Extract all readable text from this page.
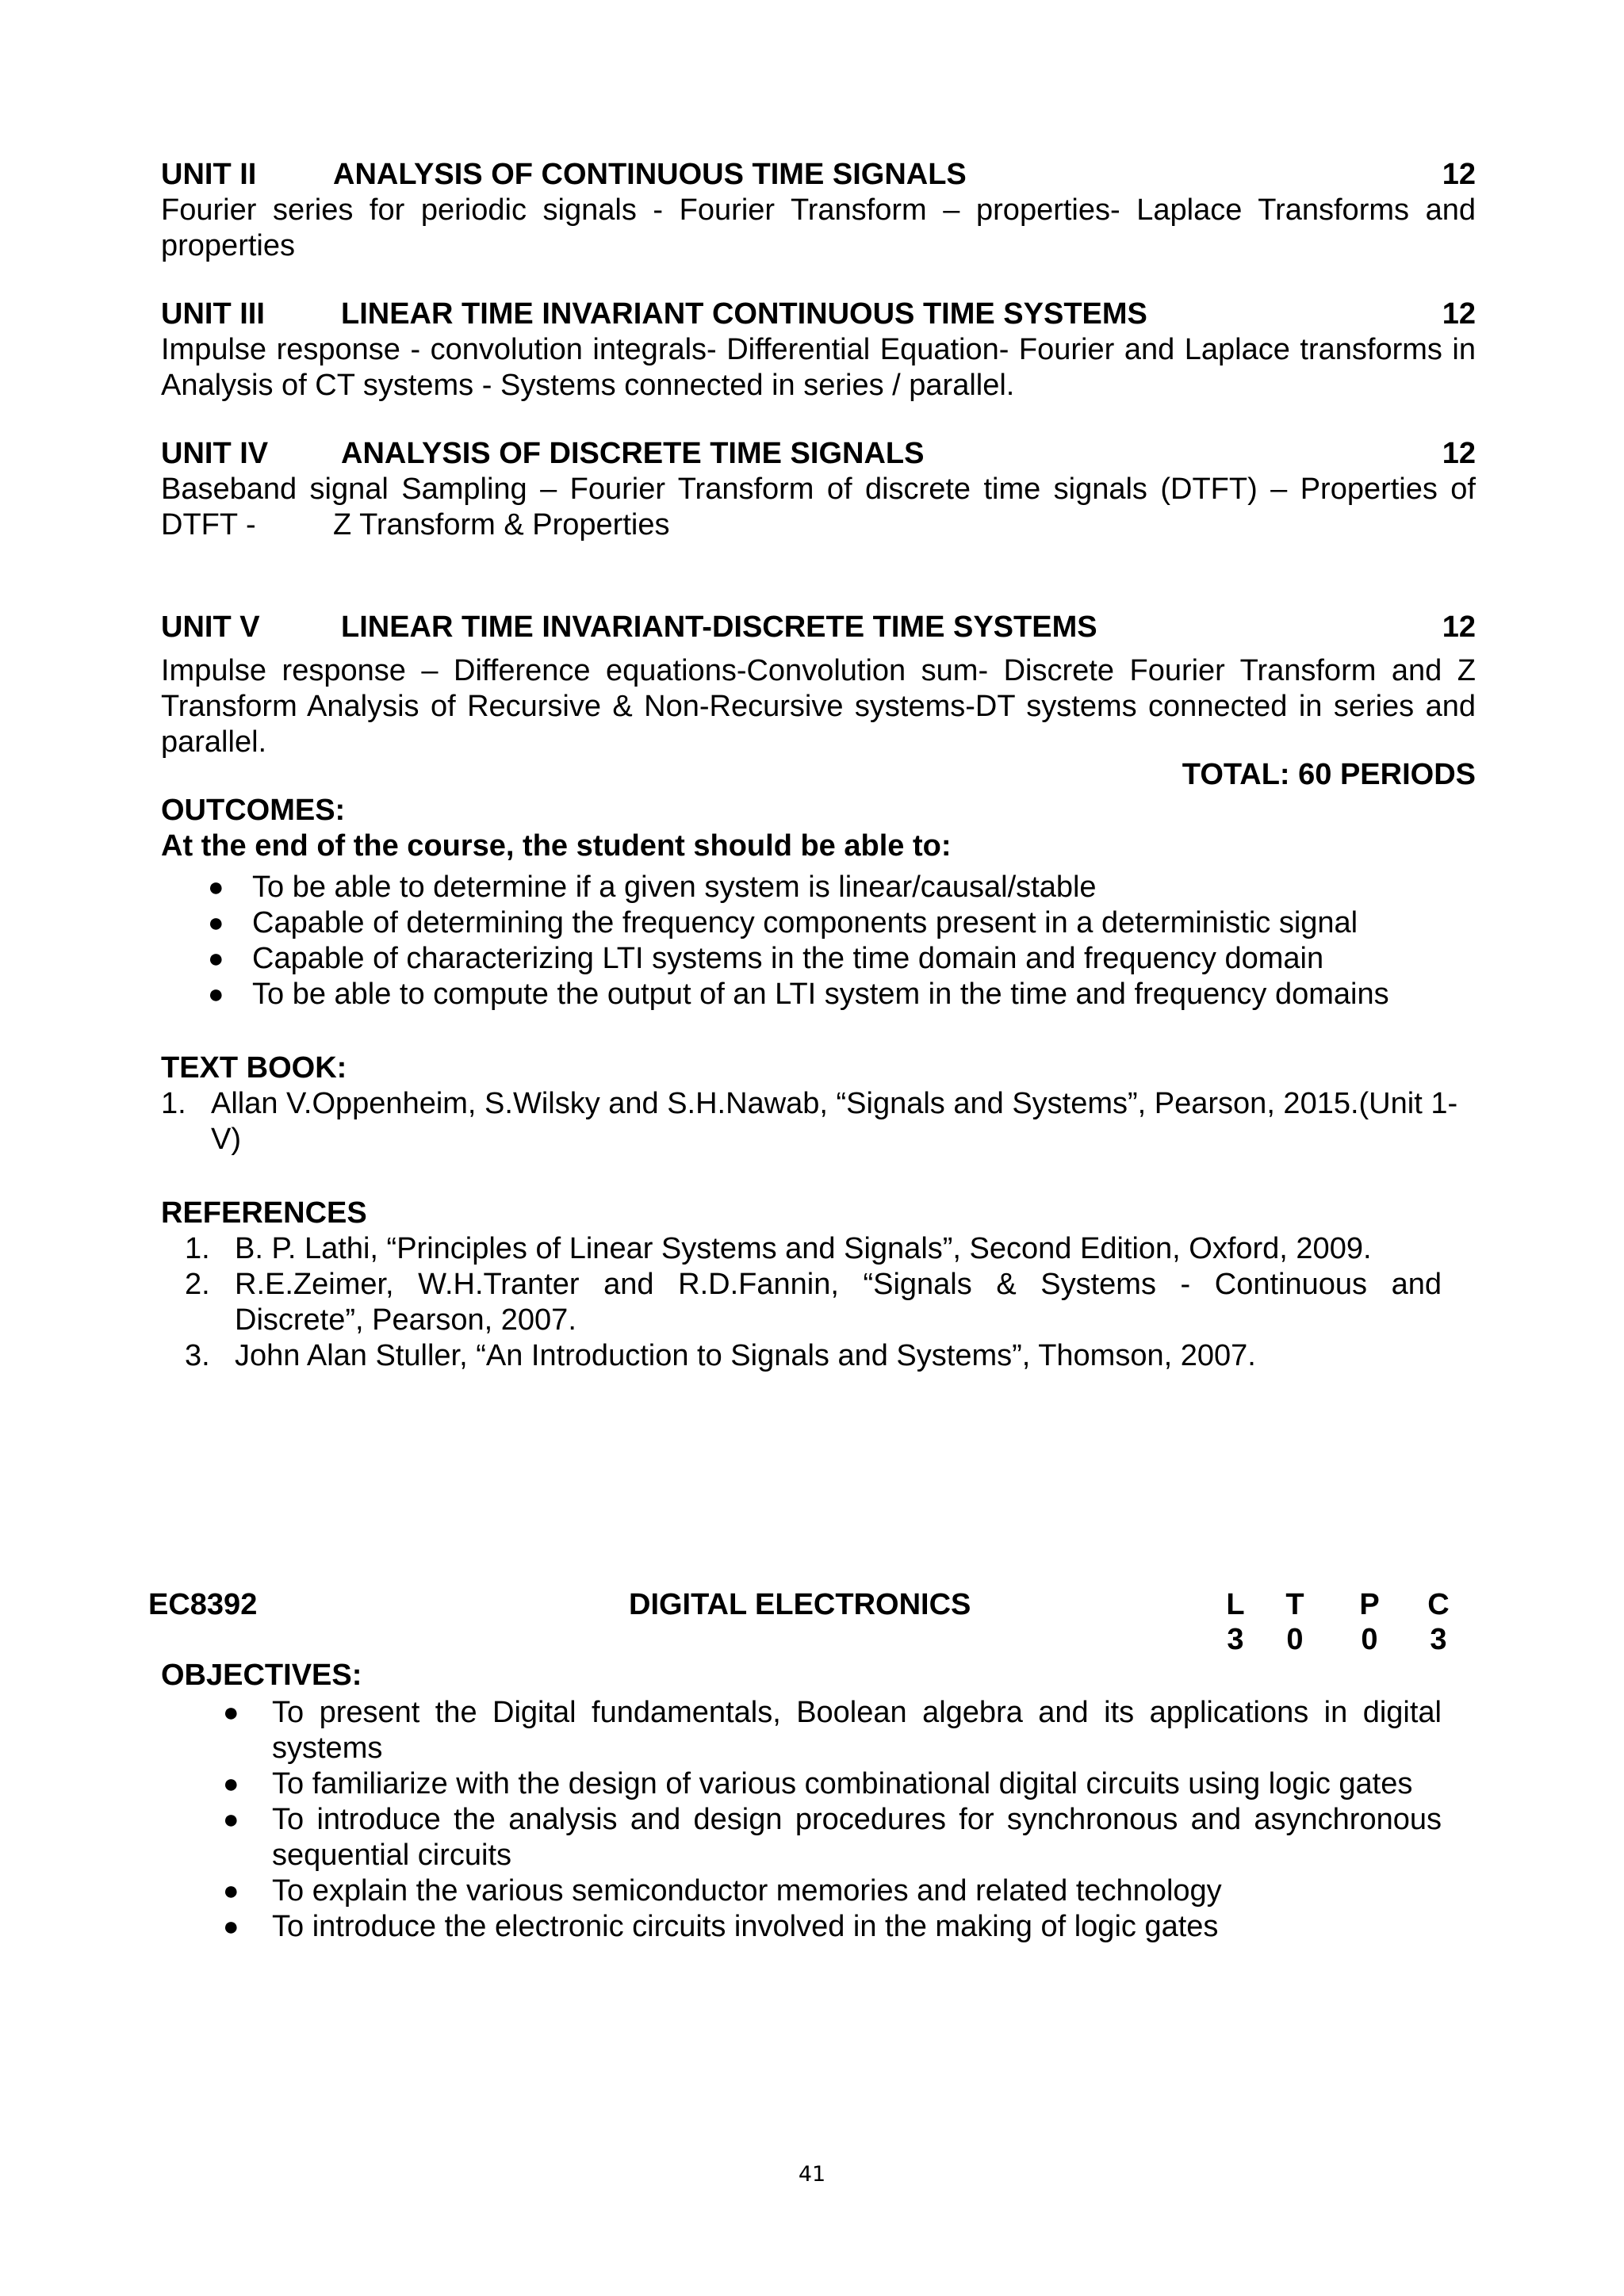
UNIT II	ANALYSIS OF CONTINUOUS TIME SIGNALS	12
Fourier series for periodic signals - Fourier Transform – properties- Laplace Transforms and
properties
UNIT III	LINEAR TIME INVARIANT CONTINUOUS TIME SYSTEMS	12
Impulse response - convolution integrals- Differential Equation- Fourier and Laplace transforms in
Analysis of CT systems - Systems connected in series / parallel.
UNIT IV ANALYSIS OF DISCRETE TIME SIGNALS	12
Baseband signal Sampling – Fourier Transform of discrete time signals (DTFT) – Properties of
DTFT -	Z Transform & Properties
UNIT V	LINEAR TIME INVARIANT-DISCRETE TIME SYSTEMS	12
Impulse response – Difference equations-Convolution sum- Discrete Fourier Transform and Z
Transform Analysis of Recursive & Non-Recursive systems-DT systems connected in series and
parallel.
TOTAL: 60 PERIODS
OUTCOMES:
At the end of the course, the student should be able to:
● To be able to determine if a given system is linear/causal/stable
● Capable of determining the frequency components present in a deterministic signal
● Capable of characterizing LTI systems in the time domain and frequency domain
● To be able to compute the output of an LTI system in the time and frequency domains
TEXT BOOK:
1. Allan V.Oppenheim, S.Wilsky and S.H.Nawab, “Signals and Systems”, Pearson, 2015.(Unit 1-
V)
REFERENCES
1. B. P. Lathi, “Principles of Linear Systems and Signals”, Second Edition, Oxford, 2009.
2. R.E.Zeimer, W.H.Tranter and R.D.Fannin, “Signals & Systems - Continuous and
Discrete”, Pearson, 2007.
3. John Alan Stuller, “An Introduction to Signals and Systems”, Thomson, 2007.
EC8392	DIGITAL ELECTRONICS	L T P C
3 0 0 3
OBJECTIVES:
● To present the Digital fundamentals, Boolean algebra and its applications in digital
systems
● To familiarize with the design of various combinational digital circuits using logic gates
● To introduce the analysis and design procedures for synchronous and asynchronous
sequential circuits
● To explain the various semiconductor memories and related technology
● To introduce the electronic circuits involved in the making of logic gates
41
